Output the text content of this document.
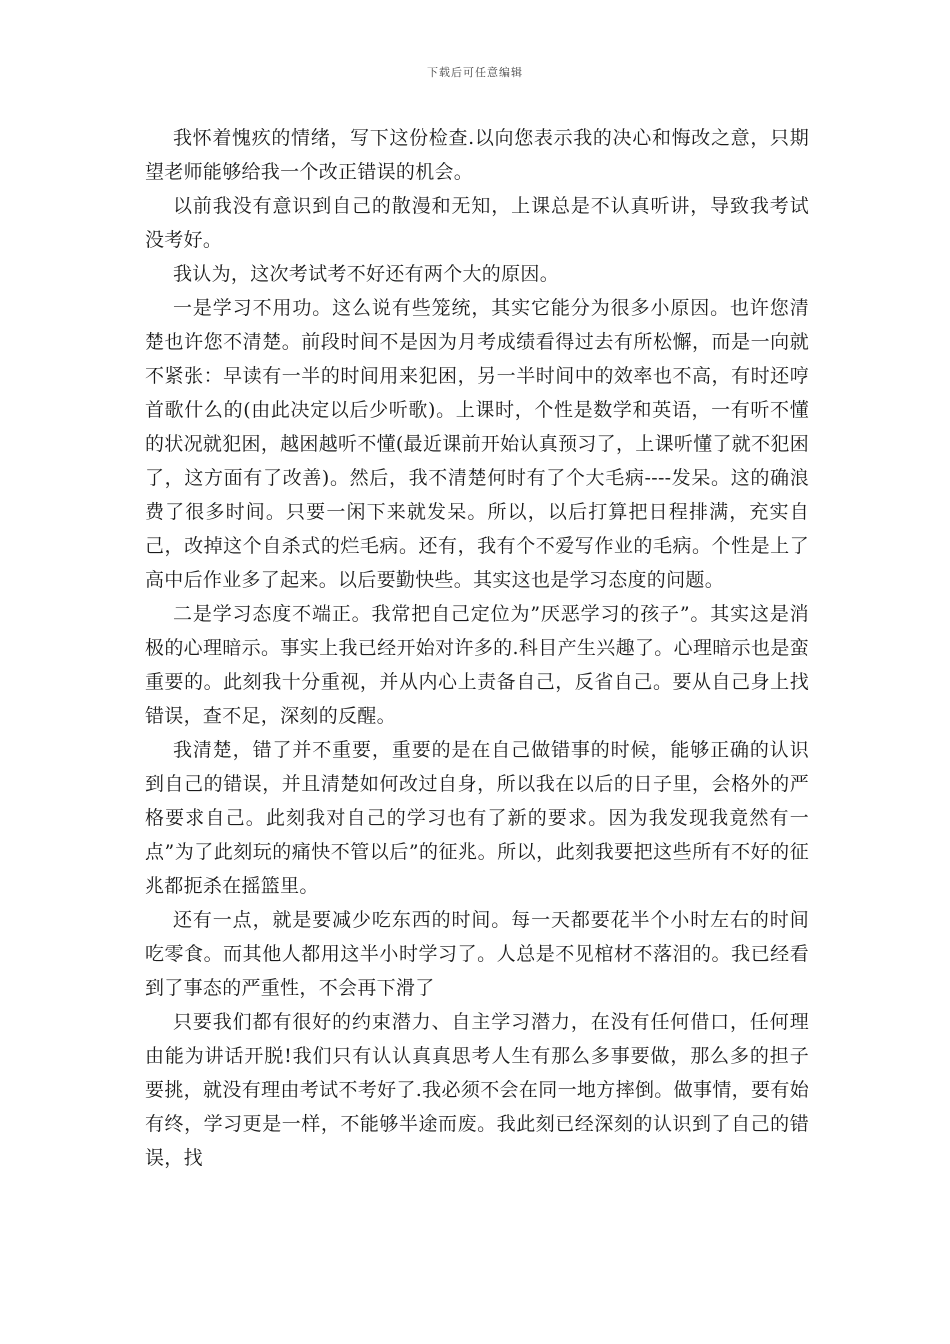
下载后可任意编辑

我怀着愧疚的情绪，写下这份检查.以向您表示我的决心和悔改之意，只期望老师能够给我一个改正错误的机会。

以前我没有意识到自己的散漫和无知，上课总是不认真听讲，导致我考试没考好。

我认为，这次考试考不好还有两个大的原因。

一是学习不用功。这么说有些笼统，其实它能分为很多小原因。也许您清楚也许您不清楚。前段时间不是因为月考成绩看得过去有所松懈，而是一向就不紧张：早读有一半的时间用来犯困，另一半时间中的效率也不高，有时还哼首歌什么的(由此决定以后少听歌)。上课时，个性是数学和英语，一有听不懂的状况就犯困，越困越听不懂(最近课前开始认真预习了，上课听懂了就不犯困了，这方面有了改善)。然后，我不清楚何时有了个大毛病----发呆。这的确浪费了很多时间。只要一闲下来就发呆。所以，以后打算把日程排满，充实自己，改掉这个自杀式的烂毛病。还有，我有个不爱写作业的毛病。个性是上了高中后作业多了起来。以后要勤快些。其实这也是学习态度的问题。

二是学习态度不端正。我常把自己定位为”厌恶学习的孩子”。其实这是消极的心理暗示。事实上我已经开始对许多的.科目产生兴趣了。心理暗示也是蛮重要的。此刻我十分重视，并从内心上责备自己，反省自己。要从自己身上找错误，查不足，深刻的反醒。

我清楚，错了并不重要，重要的是在自己做错事的时候，能够正确的认识到自己的错误，并且清楚如何改过自身，所以我在以后的日子里，会格外的严格要求自己。此刻我对自己的学习也有了新的要求。因为我发现我竟然有一点”为了此刻玩的痛快不管以后”的征兆。所以，此刻我要把这些所有不好的征兆都扼杀在摇篮里。

还有一点，就是要减少吃东西的时间。每一天都要花半个小时左右的时间吃零食。而其他人都用这半小时学习了。人总是不见棺材不落泪的。我已经看到了事态的严重性，不会再下滑了

只要我们都有很好的约束潜力、自主学习潜力，在没有任何借口，任何理由能为讲话开脱!我们只有认认真真思考人生有那么多事要做，那么多的担子要挑，就没有理由考试不考好了.我必须不会在同一地方摔倒。做事情，要有始有终，学习更是一样，不能够半途而废。我此刻已经深刻的认识到了自己的错误，找
